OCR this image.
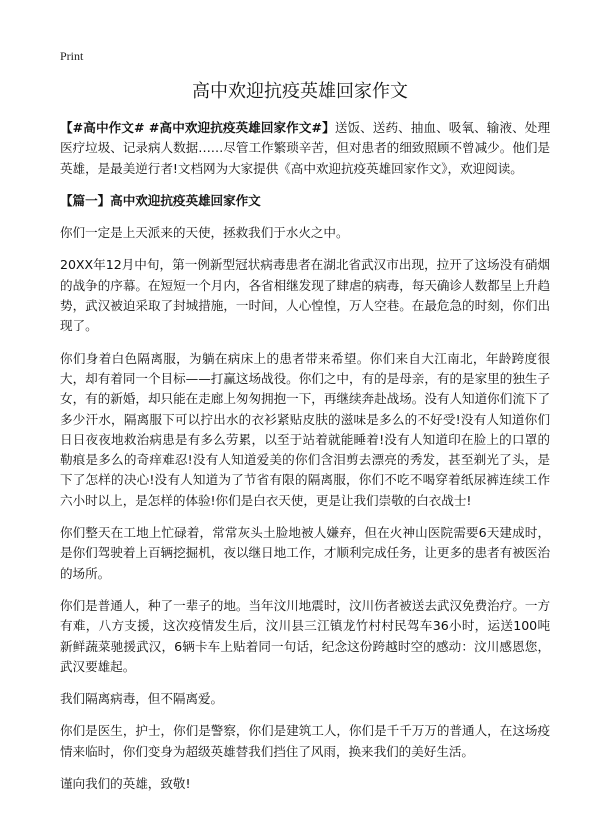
Print
高中欢迎抗疫英雄回家作文

【#高中作文# #高中欢迎抗疫英雄回家作文#】送饭、送药、抽血、吸氧、输液、处理医疗垃圾、记录病人数据……尽管工作繁琐辛苦，但对患者的细致照顾不曾减少。他们是英雄，是最美逆行者!文档网为大家提供《高中欢迎抗疫英雄回家作文》，欢迎阅读。

【篇一】高中欢迎抗疫英雄回家作文

你们一定是上天派来的天使，拯救我们于水火之中。

20XX年12月中旬，第一例新型冠状病毒患者在湖北省武汉市出现，拉开了这场没有硝烟的战争的序幕。在短短一个月内，各省相继发现了肆虐的病毒，每天确诊人数都呈上升趋势，武汉被迫采取了封城措施，一时间，人心惶惶，万人空巷。在最危急的时刻，你们出现了。

你们身着白色隔离服，为躺在病床上的患者带来希望。你们来自大江南北，年龄跨度很大，却有着同一个目标——打赢这场战役。你们之中，有的是母亲，有的是家里的独生子女，有的新婚，却只能在走廊上匆匆拥抱一下，再继续奔赴战场。没有人知道你们流下了多少汗水，隔离服下可以拧出水的衣衫紧贴皮肤的滋味是多么的不好受!没有人知道你们日日夜夜地救治病患是有多么劳累，以至于站着就能睡着!没有人知道印在脸上的口罩的勒痕是多么的奇痒难忍!没有人知道爱美的你们含泪剪去漂亮的秀发，甚至剃光了头，是下了怎样的决心!没有人知道为了节省有限的隔离服，你们不吃不喝穿着纸尿裤连续工作六小时以上，是怎样的体验!你们是白衣天使，更是让我们崇敬的白衣战士!

你们整天在工地上忙碌着，常常灰头土脸地被人嫌弃，但在火神山医院需要6天建成时，是你们驾驶着上百辆挖掘机，夜以继日地工作，才顺利完成任务，让更多的患者有被医治的场所。

你们是普通人，种了一辈子的地。当年汶川地震时，汶川伤者被送去武汉免费治疗。一方有难，八方支援，这次疫情发生后，汶川县三江镇龙竹村村民驾车36小时，运送100吨新鲜蔬菜驰援武汉，6辆卡车上贴着同一句话，纪念这份跨越时空的感动：汶川感恩您，武汉要雄起。

我们隔离病毒，但不隔离爱。

你们是医生，护士，你们是警察，你们是建筑工人，你们是千千万万的普通人，在这场疫情来临时，你们变身为超级英雄替我们挡住了风雨，换来我们的美好生活。

谨向我们的英雄，致敬!
